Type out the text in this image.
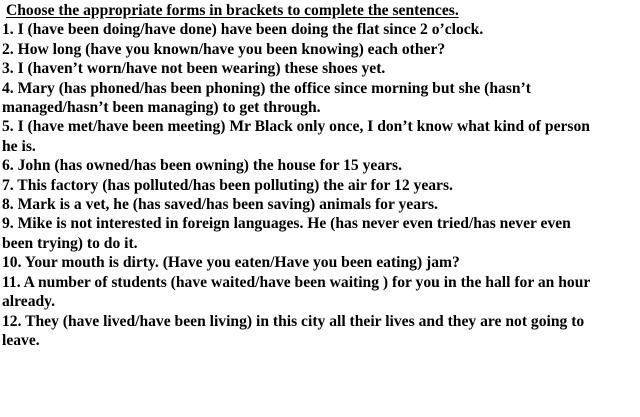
Choose the appropriate forms in brackets to complete the sentences.

1. I (have been doing/have done) have been doing the flat since 2 o’clock.
2. How long (have you known/have you been knowing) each other?
3. I (haven’t worn/have not been wearing) these shoes yet.
4. Mary (has phoned/has been phoning) the office since morning but she (hasn’t
managed/hasn’t been managing) to get through.
5. I (have met/have been meeting) Mr Black only once, I don’t know what kind of person
he is.
6. John (has owned/has been owning) the house for 15 years.
7. This factory (has polluted/has been polluting) the air for 12 years.
8. Mark is a vet, he (has saved/has been saving) animals for years.
9. Mike is not interested in foreign languages. He (has never even tried/has never even
been trying) to do it.
10. Your mouth is dirty. (Have you eaten/Have you been eating) jam?
11. A number of students (have waited/have been waiting ) for you in the hall for an hour
already.
12. They (have lived/have been living) in this city all their lives and they are not going to
leave.
